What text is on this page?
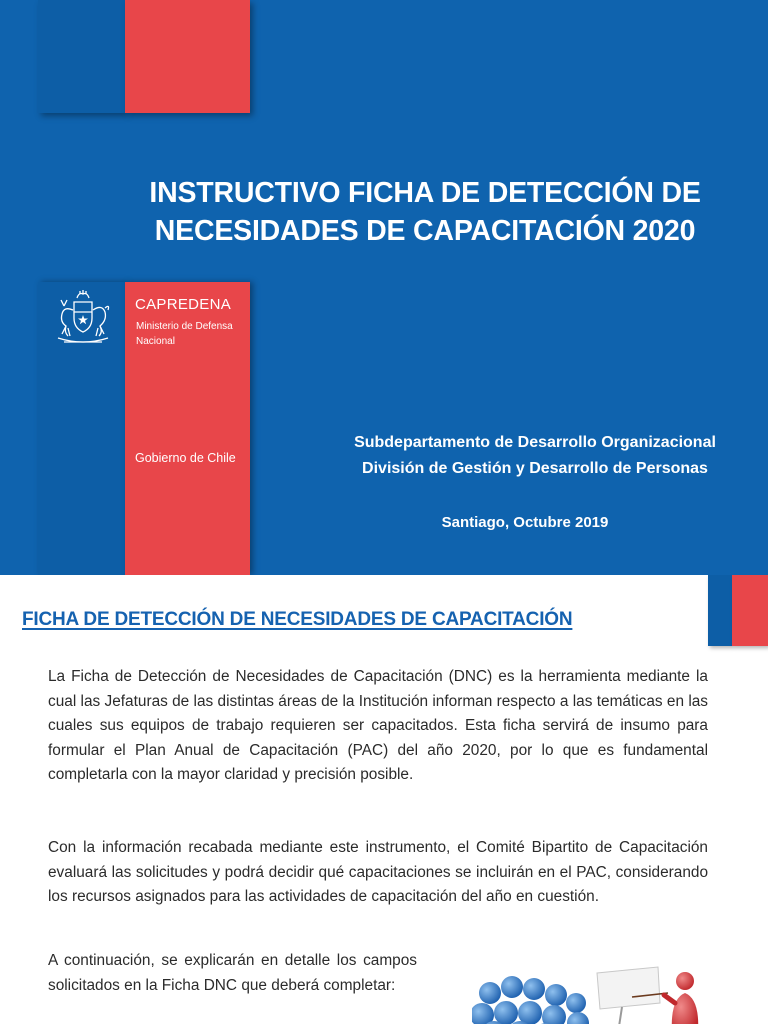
INSTRUCTIVO FICHA DE DETECCIÓN DE
NECESIDADES DE CAPACITACIÓN 2020
CAPREDENA
Ministerio de Defensa
Nacional
Gobierno de Chile
Subdepartamento de Desarrollo Organizacional
División de Gestión y Desarrollo de Personas
Santiago, Octubre 2019
FICHA DE DETECCIÓN DE NECESIDADES DE CAPACITACIÓN

La Ficha de Detección de Necesidades de Capacitación (DNC) es la herramienta mediante la cual las Jefaturas de las distintas áreas de la Institución informan respecto a las temáticas en las cuales sus equipos de trabajo requieren ser capacitados. Esta ficha servirá de insumo para formular el Plan Anual de Capacitación (PAC) del año 2020, por lo que es fundamental completarla con la mayor claridad y precisión posible.

Con la información recabada mediante este instrumento, el Comité Bipartito de Capacitación evaluará las solicitudes y podrá decidir qué capacitaciones se incluirán en el PAC, considerando los recursos asignados para las actividades de capacitación del año en cuestión.

A continuación, se explicarán en detalle los campos solicitados en la Ficha DNC que deberá completar:
